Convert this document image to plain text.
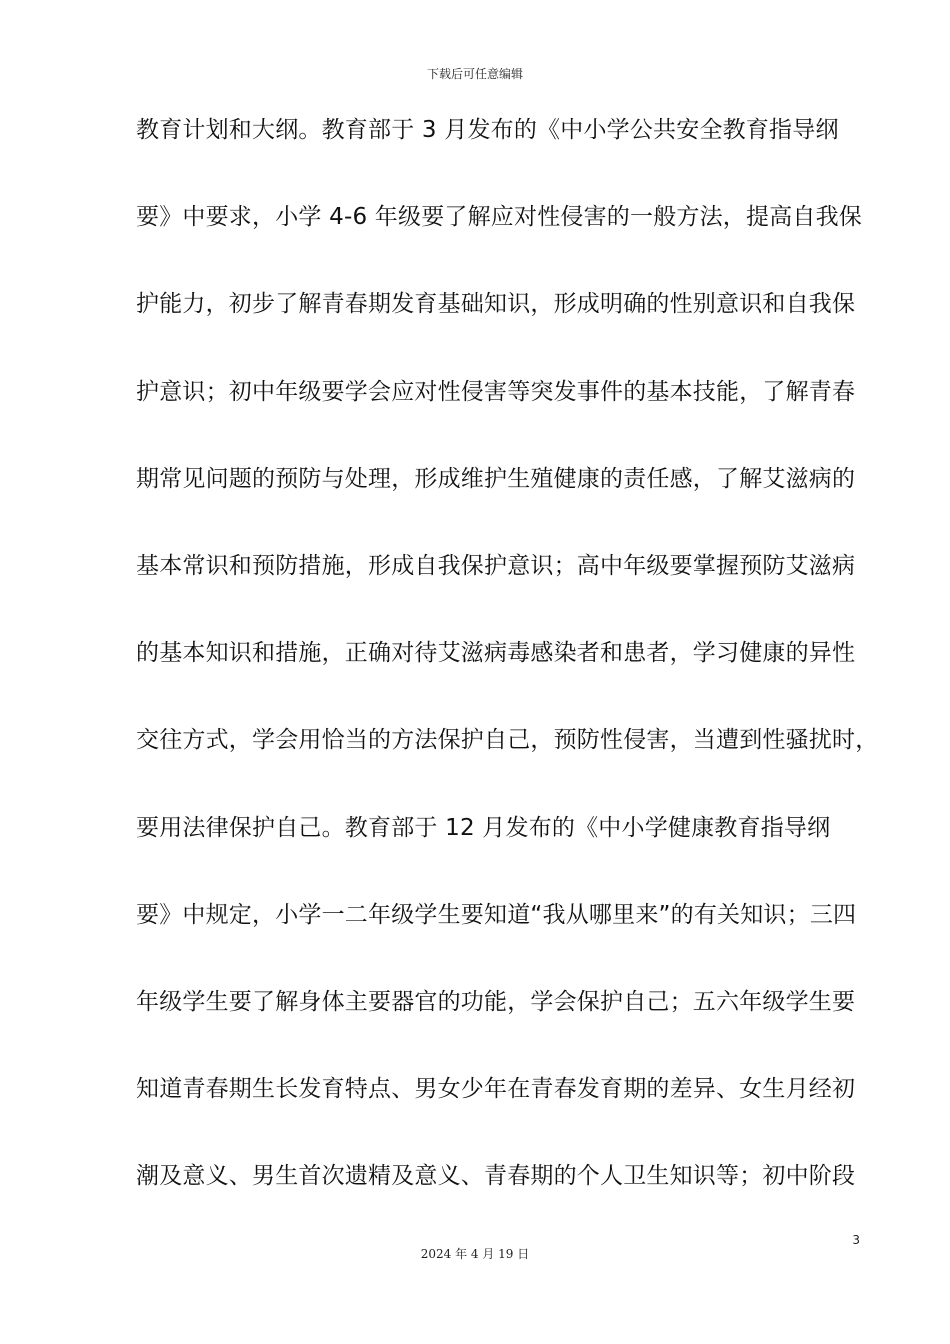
下载后可任意编辑
教育计划和大纲。教育部于 3 月发布的《中小学公共安全教育指导纲
要》中要求，小学 4-6 年级要了解应对性侵害的一般方法，提高自我保
护能力，初步了解青春期发育基础知识，形成明确的性别意识和自我保
护意识；初中年级要学会应对性侵害等突发事件的基本技能，了解青春
期常见问题的预防与处理，形成维护生殖健康的责任感，了解艾滋病的
基本常识和预防措施，形成自我保护意识；高中年级要掌握预防艾滋病
的基本知识和措施，正确对待艾滋病毒感染者和患者，学习健康的异性
交往方式，学会用恰当的方法保护自己，预防性侵害，当遭到性骚扰时，
要用法律保护自己。教育部于 12 月发布的《中小学健康教育指导纲
要》中规定，小学一二年级学生要知道“我从哪里来”的有关知识；三四
年级学生要了解身体主要器官的功能，学会保护自己；五六年级学生要
知道青春期生长发育特点、男女少年在青春发育期的差异、女生月经初
潮及意义、男生首次遗精及意义、青春期的个人卫生知识等；初中阶段
3
2024 年 4 月 19 日
